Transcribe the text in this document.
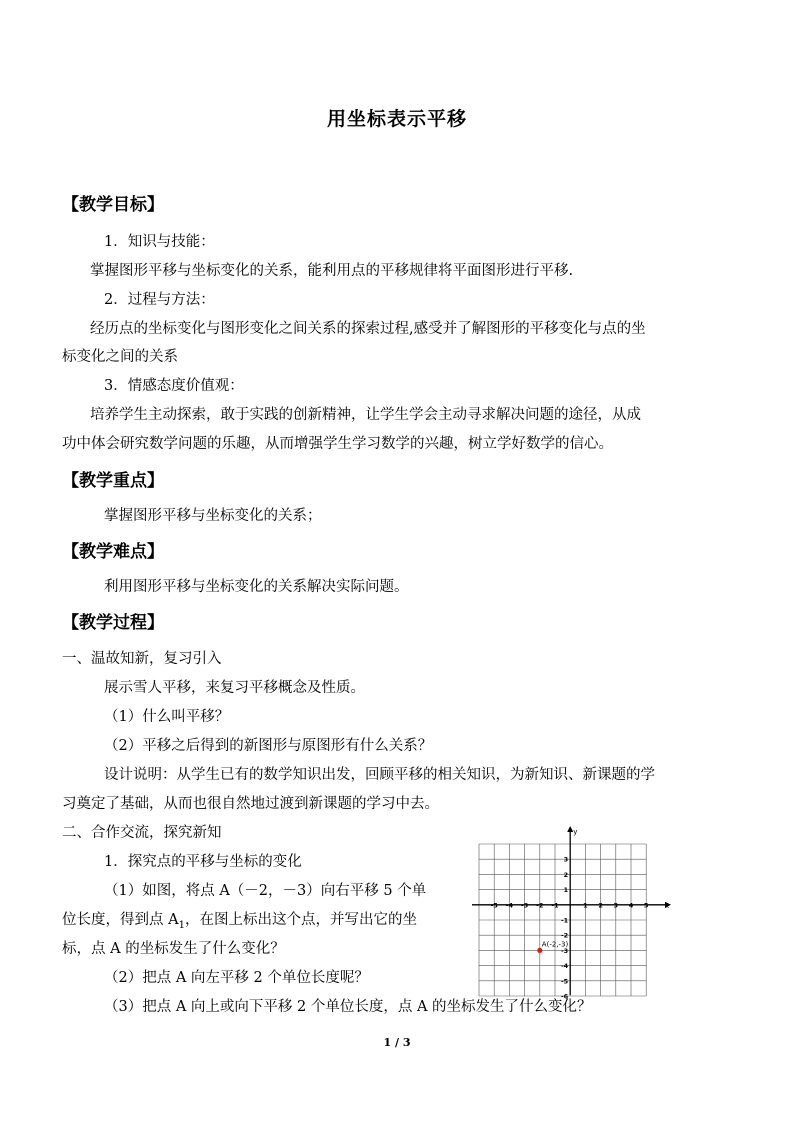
用坐标表示平移
【教学目标】
1．知识与技能：
掌握图形平移与坐标变化的关系，能利用点的平移规律将平面图形进行平移.
2．过程与方法：
经历点的坐标变化与图形变化之间关系的探索过程,感受并了解图形的平移变化与点的坐
标变化之间的关系
3．情感态度价值观：
培养学生主动探索，敢于实践的创新精神，让学生学会主动寻求解决问题的途径，从成
功中体会研究数学问题的乐趣，从而增强学生学习数学的兴趣，树立学好数学的信心。
【教学重点】
掌握图形平移与坐标变化的关系；
【教学难点】
利用图形平移与坐标变化的关系解决实际问题。
【教学过程】
一、温故知新，复习引入
展示雪人平移，来复习平移概念及性质。
（1）什么叫平移？
（2）平移之后得到的新图形与原图形有什么关系？
设计说明：从学生已有的数学知识出发，回顾平移的相关知识，为新知识、新课题的学
习奠定了基础，从而也很自然地过渡到新课题的学习中去。
二、合作交流，探究新知
1．探究点的平移与坐标的变化
（1）如图，将点 A（－2，－3）向右平移 5 个单
位长度，得到点 $A_1$，在图上标出这个点，并写出它的坐
标，点 A 的坐标发生了什么变化？
（2）把点 A 向左平移 2 个单位长度呢？
（3）把点 A 向上或向下平移 2 个单位长度，点 A 的坐标发生了什么变化？
-5 -4 -3 -2 -1	1 2 3 4 5
3
2
1
-1
-2
-3
-4
-5
-6
x
y
A(-2,-3)
1 / 3
